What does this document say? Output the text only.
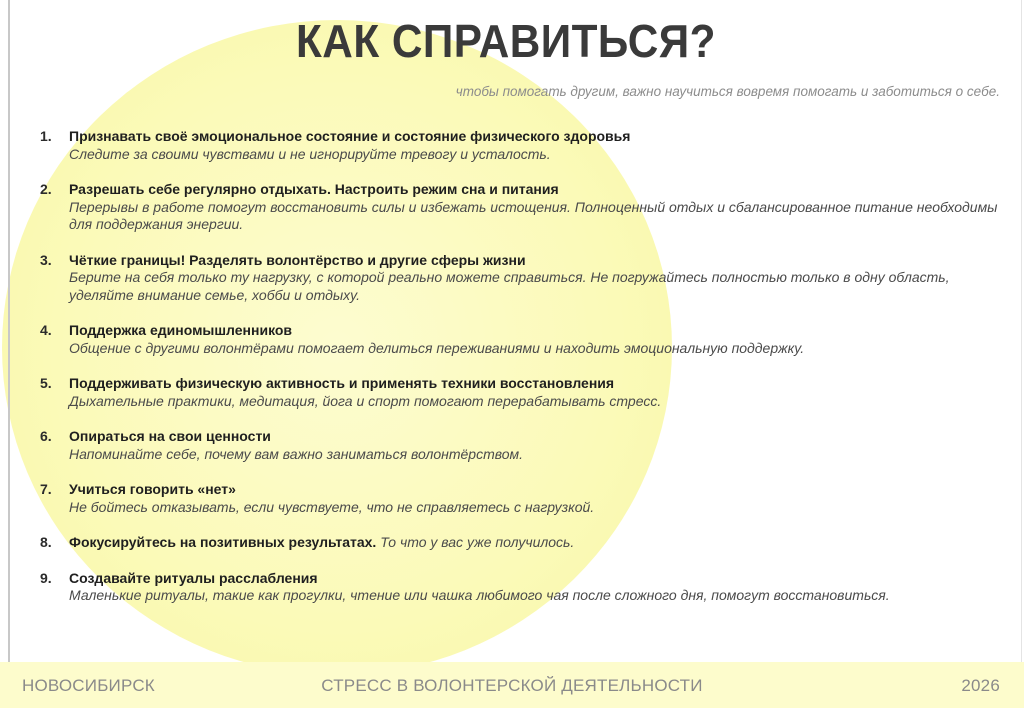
КАК СПРАВИТЬСЯ?
чтобы помогать другим, важно научиться вовремя помогать и заботиться о себе.
1.	Признавать своё эмоциональное состояние и состояние физического здоровья
Следите за своими чувствами и не игнорируйте тревогу и усталость.
2.	Разрешать себе регулярно отдыхать. Настроить режим сна и питания
Перерывы в работе помогут восстановить силы и избежать истощения. Полноценный отдых и сбалансированное питание необходимы для поддержания энергии.
3.	Чёткие границы! Разделять волонтёрство и другие сферы жизни
Берите на себя только ту нагрузку, с которой реально можете справиться. Не погружайтесь полностью только в одну область, уделяйте внимание семье, хобби и отдыху.
4.	Поддержка единомышленников
Общение с другими волонтёрами помогает делиться переживаниями и находить эмоциональную поддержку.
5.	Поддерживать физическую активность и применять техники восстановления
Дыхательные практики, медитация, йога и спорт помогают перерабатывать стресс.
6.	Опираться на свои ценности
Напоминайте себе, почему вам важно заниматься волонтёрством.
7.	Учиться говорить «нет»
Не бойтесь отказывать, если чувствуете, что не справляетесь с нагрузкой.
8.	Фокусируйтесь на позитивных результатах. То что у вас уже получилось.
9.	Создавайте ритуалы расслабления
Маленькие ритуалы, такие как прогулки, чтение или чашка любимого чая после сложного дня, помогут восстановиться.
НОВОСИБИРСК	СТРЕСС В ВОЛОНТЕРСКОЙ ДЕЯТЕЛЬНОСТИ	2026
